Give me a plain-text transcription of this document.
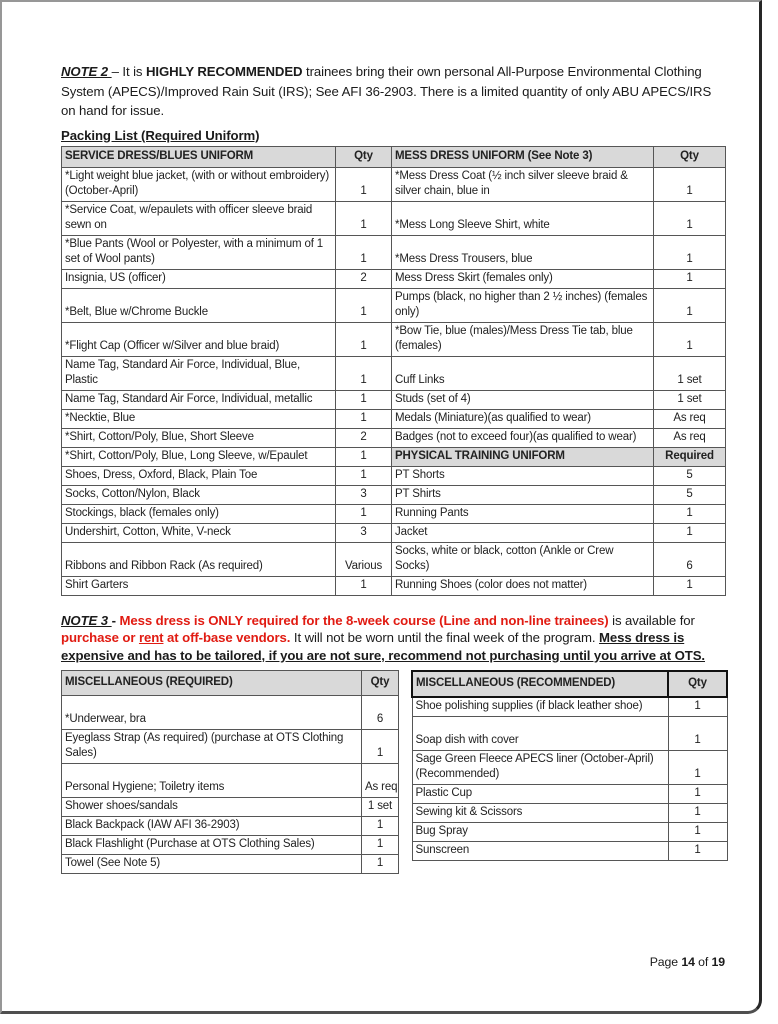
NOTE 2 – It is HIGHLY RECOMMENDED trainees bring their own personal All-Purpose Environmental Clothing System (APECS)/Improved Rain Suit (IRS); See AFI 36-2903. There is a limited quantity of only ABU APECS/IRS on hand for issue.

Packing List (Required Uniform)
SERVICE DRESS/BLUES UNIFORM	Qty	MESS DRESS UNIFORM (See Note 3)	Qty
*Light weight blue jacket, (with or without embroidery) (October-April)	1	*Mess Dress Coat (½ inch silver sleeve braid & silver chain, blue in	1
*Service Coat, w/epaulets with officer sleeve braid sewn on	1	*Mess Long Sleeve Shirt, white	1
*Blue Pants (Wool or Polyester, with a minimum of 1 set of Wool pants)	1	*Mess Dress Trousers, blue	1
Insignia, US (officer)	2	Mess Dress Skirt (females only)	1
*Belt, Blue w/Chrome Buckle	1	Pumps (black, no higher than 2 ½ inches) (females only)	1
*Flight Cap (Officer w/Silver and blue braid)	1	*Bow Tie, blue (males)/Mess Dress Tie tab, blue (females)	1
Name Tag, Standard Air Force, Individual, Blue, Plastic	1	Cuff Links	1 set
Name Tag, Standard Air Force, Individual, metallic	1	Studs (set of 4)	1 set
*Necktie, Blue	1	Medals (Miniature)(as qualified to wear)	As req
*Shirt, Cotton/Poly, Blue, Short Sleeve	2	Badges (not to exceed four)(as qualified to wear)	As req
*Shirt, Cotton/Poly, Blue, Long Sleeve, w/Epaulet	1	PHYSICAL TRAINING UNIFORM	Required
Shoes, Dress, Oxford, Black, Plain Toe	1	PT Shorts	5
Socks, Cotton/Nylon, Black	3	PT Shirts	5
Stockings, black (females only)	1	Running Pants	1
Undershirt, Cotton, White, V-neck	3	Jacket	1
Ribbons and Ribbon Rack (As required)	Various	Socks, white or black, cotton (Ankle or Crew Socks)	6
Shirt Garters	1	Running Shoes (color does not matter)	1

NOTE 3 - Mess dress is ONLY required for the 8-week course (Line and non-line trainees) is available for purchase or rent at off-base vendors. It will not be worn until the final week of the program. Mess dress is expensive and has to be tailored, if you are not sure, recommend not purchasing until you arrive at OTS.

MISCELLANEOUS (REQUIRED)	Qty
*Underwear, bra	6
Eyeglass Strap (As required) (purchase at OTS Clothing Sales)	1
Personal Hygiene; Toiletry items	As req
Shower shoes/sandals	1 set
Black Backpack (IAW AFI 36-2903)	1
Black Flashlight (Purchase at OTS Clothing Sales)	1
Towel (See Note 5)	1
MISCELLANEOUS (RECOMMENDED)	Qty
Shoe polishing supplies (if black leather shoe)	1
Soap dish with cover	1
Sage Green Fleece APECS liner (October-April) (Recommended)	1
Plastic Cup	1
Sewing kit & Scissors	1
Bug Spray	1
Sunscreen	1
Page 14 of 19
